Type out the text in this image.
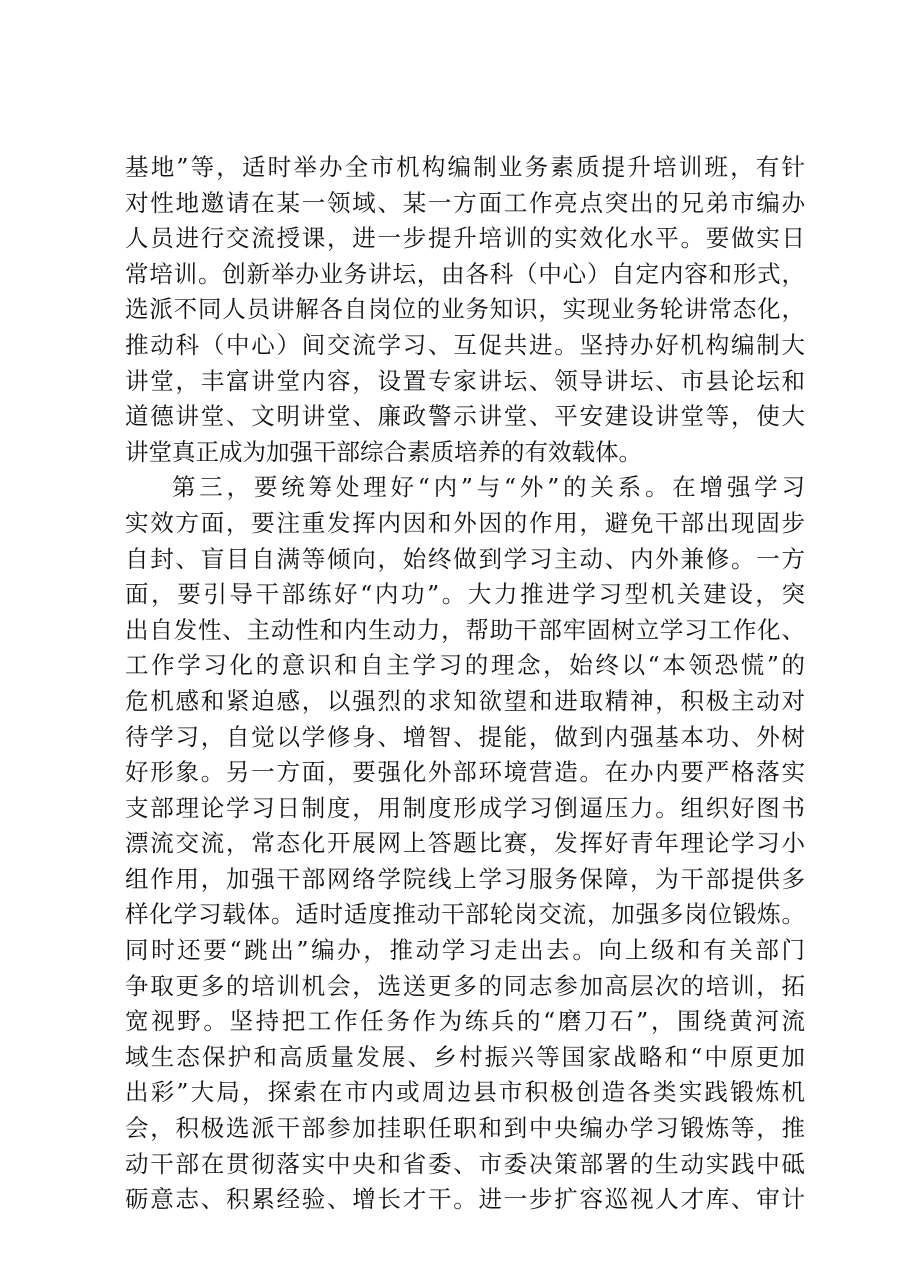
基地”等，适时举办全市机构编制业务素质提升培训班，有针
对性地邀请在某一领域、某一方面工作亮点突出的兄弟市编办
人员进行交流授课，进一步提升培训的实效化水平。要做实日
常培训。创新举办业务讲坛，由各科（中心）自定内容和形式，
选派不同人员讲解各自岗位的业务知识，实现业务轮讲常态化，
推动科（中心）间交流学习、互促共进。坚持办好机构编制大
讲堂，丰富讲堂内容，设置专家讲坛、领导讲坛、市县论坛和
道德讲堂、文明讲堂、廉政警示讲堂、平安建设讲堂等，使大
讲堂真正成为加强干部综合素质培养的有效载体。
第三，要统筹处理好“内”与“外”的关系。在增强学习
实效方面，要注重发挥内因和外因的作用，避免干部出现固步
自封、盲目自满等倾向，始终做到学习主动、内外兼修。一方
面，要引导干部练好“内功”。大力推进学习型机关建设，突
出自发性、主动性和内生动力，帮助干部牢固树立学习工作化、
工作学习化的意识和自主学习的理念，始终以“本领恐慌”的
危机感和紧迫感，以强烈的求知欲望和进取精神，积极主动对
待学习，自觉以学修身、增智、提能，做到内强基本功、外树
好形象。另一方面，要强化外部环境营造。在办内要严格落实
支部理论学习日制度，用制度形成学习倒逼压力。组织好图书
漂流交流，常态化开展网上答题比赛，发挥好青年理论学习小
组作用，加强干部网络学院线上学习服务保障，为干部提供多
样化学习载体。适时适度推动干部轮岗交流，加强多岗位锻炼。
同时还要“跳出”编办，推动学习走出去。向上级和有关部门
争取更多的培训机会，选送更多的同志参加高层次的培训，拓
宽视野。坚持把工作任务作为练兵的“磨刀石”，围绕黄河流
域生态保护和高质量发展、乡村振兴等国家战略和“中原更加
出彩”大局，探索在市内或周边县市积极创造各类实践锻炼机
会，积极选派干部参加挂职任职和到中央编办学习锻炼等，推
动干部在贯彻落实中央和省委、市委决策部署的生动实践中砥
砺意志、积累经验、增长才干。进一步扩容巡视人才库、审计
